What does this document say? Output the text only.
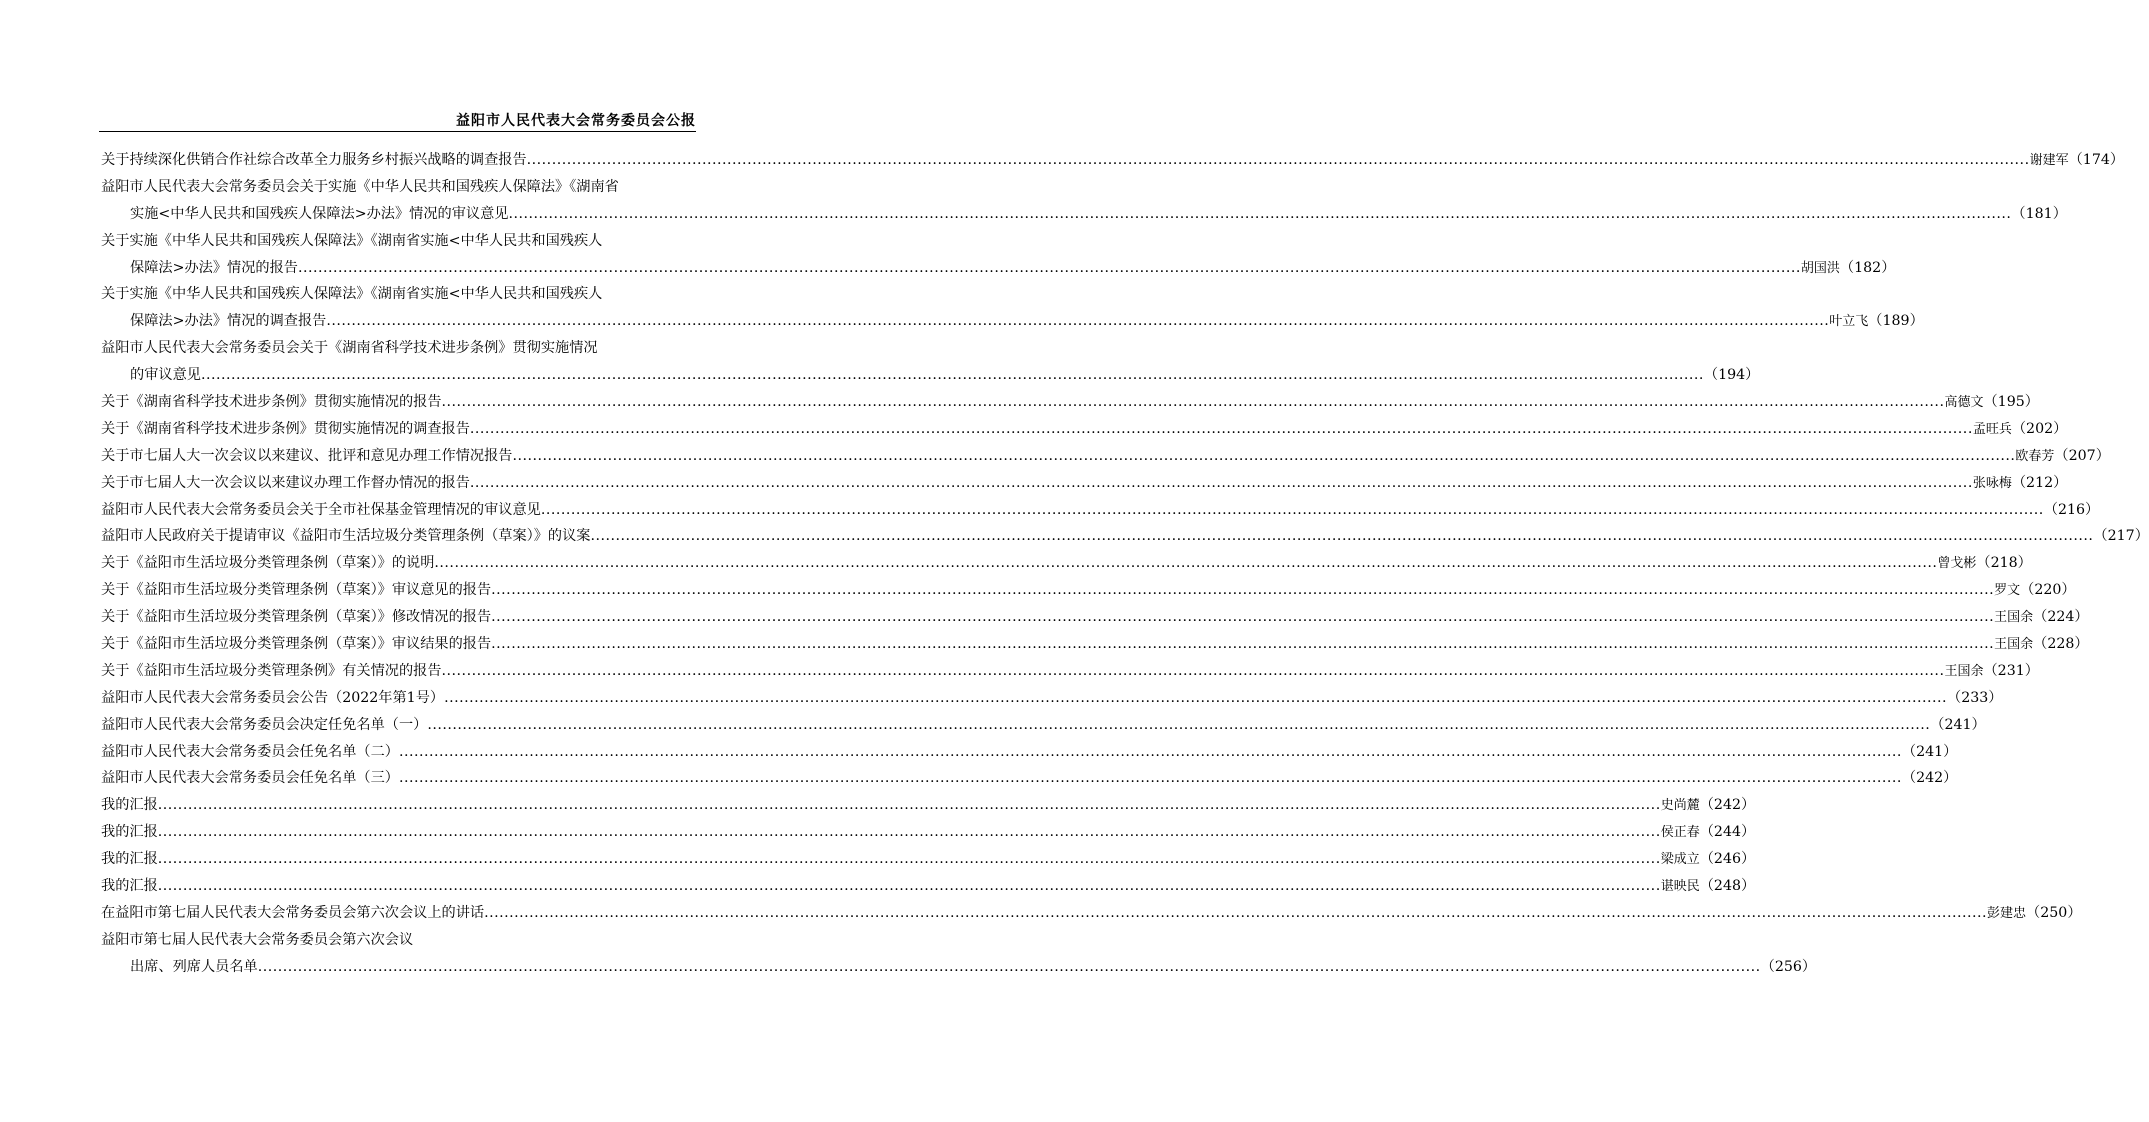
益阳市人民代表大会常务委员会公报
关于持续深化供销合作社综合改革全力服务乡村振兴战略的调查报告 ............................................................................................................................................................................................................................................................................................................ 谢建军 （174）
益阳市人民代表大会常务委员会关于实施《中华人民共和国残疾人保障法》《湖南省
实施<中华人民共和国残疾人保障法>办法》情况的审议意见 ............................................................................................................................................................................................................................................................................................................ （181）
关于实施《中华人民共和国残疾人保障法》《湖南省实施<中华人民共和国残疾人
保障法>办法》情况的报告 ............................................................................................................................................................................................................................................................................................................ 胡国洪 （182）
关于实施《中华人民共和国残疾人保障法》《湖南省实施<中华人民共和国残疾人
保障法>办法》情况的调查报告 ............................................................................................................................................................................................................................................................................................................ 叶立飞 （189）
益阳市人民代表大会常务委员会关于《湖南省科学技术进步条例》贯彻实施情况
的审议意见 ............................................................................................................................................................................................................................................................................................................ （194）
关于《湖南省科学技术进步条例》贯彻实施情况的报告 ............................................................................................................................................................................................................................................................................................................ 高德文 （195）
关于《湖南省科学技术进步条例》贯彻实施情况的调查报告 ............................................................................................................................................................................................................................................................................................................ 孟旺兵 （202）
关于市七届人大一次会议以来建议、批评和意见办理工作情况报告 ............................................................................................................................................................................................................................................................................................................ 欧春芳 （207）
关于市七届人大一次会议以来建议办理工作督办情况的报告 ............................................................................................................................................................................................................................................................................................................ 张咏梅 （212）
益阳市人民代表大会常务委员会关于全市社保基金管理情况的审议意见 ............................................................................................................................................................................................................................................................................................................ （216）
益阳市人民政府关于提请审议《益阳市生活垃圾分类管理条例（草案）》的议案 ............................................................................................................................................................................................................................................................................................................ （217）
关于《益阳市生活垃圾分类管理条例（草案）》的说明 ............................................................................................................................................................................................................................................................................................................ 曾戈彬 （218）
关于《益阳市生活垃圾分类管理条例（草案）》审议意见的报告 ............................................................................................................................................................................................................................................................................................................ 罗文 （220）
关于《益阳市生活垃圾分类管理条例（草案）》修改情况的报告 ............................................................................................................................................................................................................................................................................................................ 王国余 （224）
关于《益阳市生活垃圾分类管理条例（草案）》审议结果的报告 ............................................................................................................................................................................................................................................................................................................ 王国余 （228）
关于《益阳市生活垃圾分类管理条例》有关情况的报告 ............................................................................................................................................................................................................................................................................................................ 王国余 （231）
益阳市人民代表大会常务委员会公告（2022年第1号） ............................................................................................................................................................................................................................................................................................................ （233）
益阳市人民代表大会常务委员会决定任免名单（一） ............................................................................................................................................................................................................................................................................................................ （241）
益阳市人民代表大会常务委员会任免名单（二） ............................................................................................................................................................................................................................................................................................................ （241）
益阳市人民代表大会常务委员会任免名单（三） ............................................................................................................................................................................................................................................................................................................ （242）
我的汇报 ............................................................................................................................................................................................................................................................................................................ 史尚麓 （242）
我的汇报 ............................................................................................................................................................................................................................................................................................................ 侯正春 （244）
我的汇报 ............................................................................................................................................................................................................................................................................................................ 梁成立 （246）
我的汇报 ............................................................................................................................................................................................................................................................................................................ 谌映民 （248）
在益阳市第七届人民代表大会常务委员会第六次会议上的讲话 ............................................................................................................................................................................................................................................................................................................ 彭建忠 （250）
益阳市第七届人民代表大会常务委员会第六次会议
出席、列席人员名单 ............................................................................................................................................................................................................................................................................................................ （256）
